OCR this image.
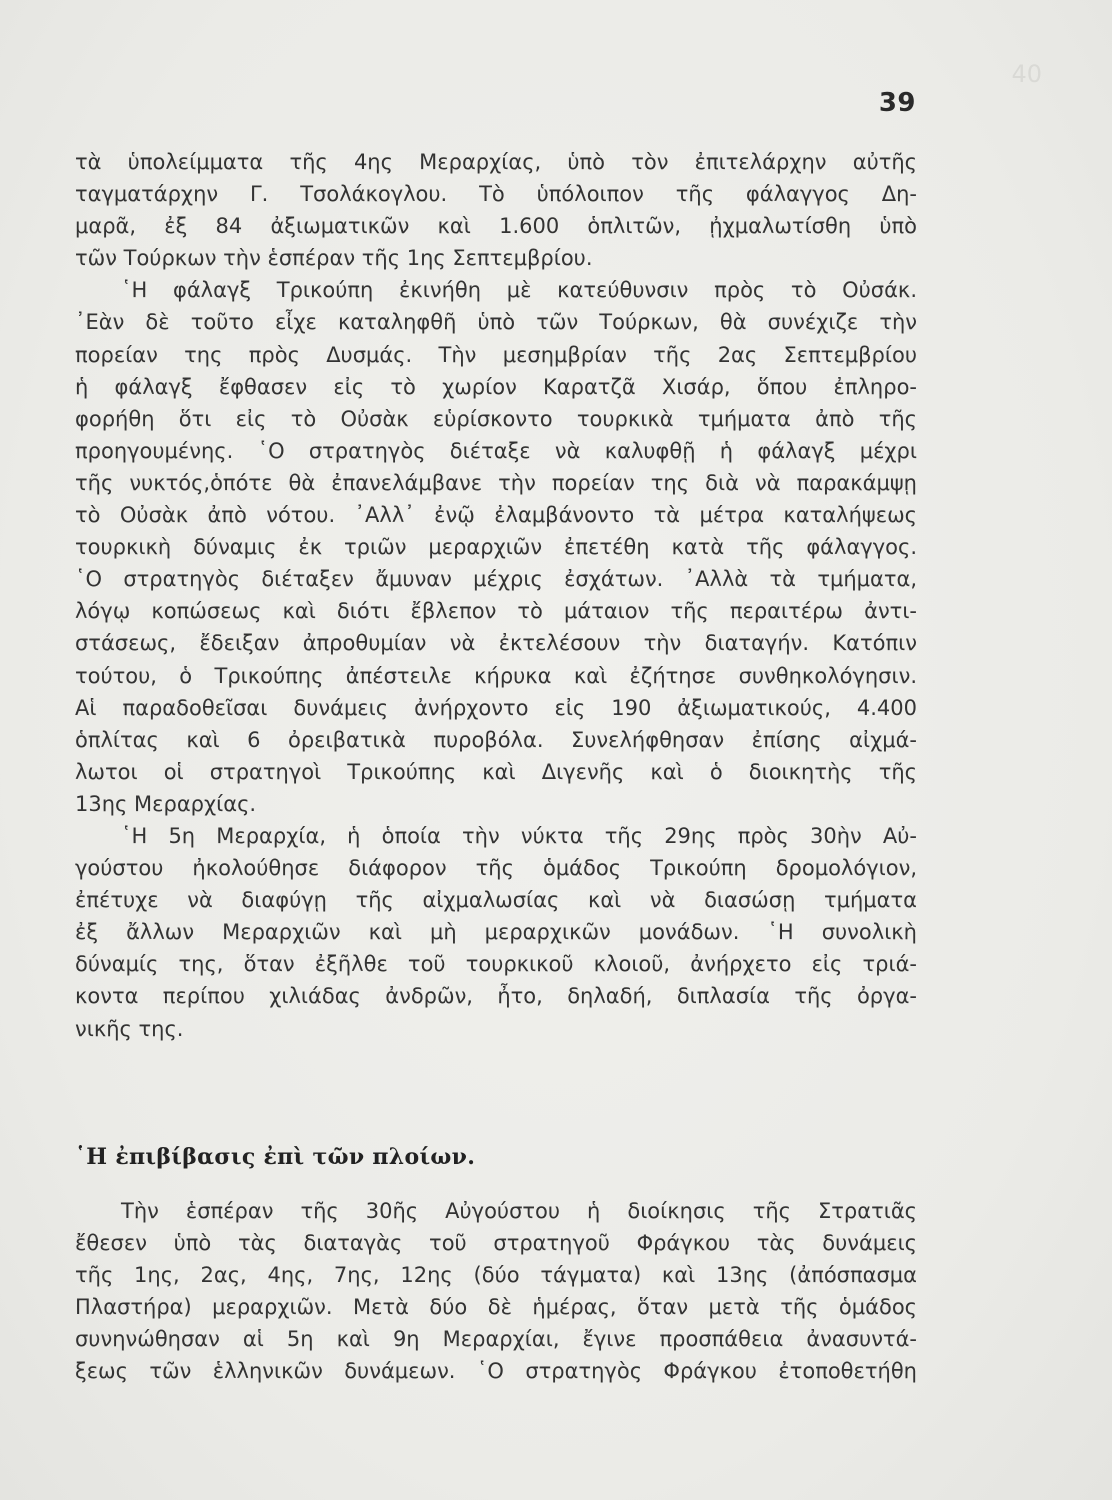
40
39
τὰ ὑπολείμματα τῆς 4ης Μεραρχίας, ὑπὸ τὸν ἐπιτελάρχην αὐτῆς
ταγματάρχην Γ. Τσολάκογλου. Τὸ ὑπόλοιπον τῆς φάλαγγος Δη-
μαρᾶ, ἐξ 84 ἀξιωματικῶν καὶ 1.600 ὁπλιτῶν, ᾐχμαλωτίσθη ὑπὸ
τῶν Τούρκων τὴν ἑσπέραν τῆς 1ης Σεπτεμβρίου.
῾Η φάλαγξ Τρικούπη ἐκινήθη μὲ κατεύθυνσιν πρὸς τὸ Οὐσάκ.
᾿Εὰν δὲ τοῦτο εἶχε καταληφθῆ ὑπὸ τῶν Τούρκων, θὰ συνέχιζε τὴν
πορείαν της πρὸς Δυσμάς. Τὴν μεσημβρίαν τῆς 2ας Σεπτεμβρίου
ἡ φάλαγξ ἔφθασεν εἰς τὸ χωρίον Καρατζᾶ Χισάρ, ὅπου ἐπληρο-
φορήθη ὅτι εἰς τὸ Οὐσὰκ εὑρίσκοντο τουρκικὰ τμήματα ἀπὸ τῆς
προηγουμένης. ῾Ο στρατηγὸς διέταξε νὰ καλυφθῇ ἡ φάλαγξ μέχρι
τῆς νυκτός,ὁπότε θὰ ἐπανελάμβανε τὴν πορείαν της διὰ νὰ παρακάμψῃ
τὸ Οὐσὰκ ἀπὸ νότου. ᾿Αλλ᾿ ἐνῷ ἐλαμβάνοντο τὰ μέτρα καταλήψεως
τουρκικὴ δύναμις ἐκ τριῶν μεραρχιῶν ἐπετέθη κατὰ τῆς φάλαγγος.
῾Ο στρατηγὸς διέταξεν ἄμυναν μέχρις ἐσχάτων. ᾿Αλλὰ τὰ τμήματα,
λόγῳ κοπώσεως καὶ διότι ἔβλεπον τὸ μάταιον τῆς περαιτέρω ἀντι-
στάσεως, ἔδειξαν ἀπροθυμίαν νὰ ἐκτελέσουν τὴν διαταγήν. Κατόπιν
τούτου, ὁ Τρικούπης ἀπέστειλε κήρυκα καὶ ἐζήτησε συνθηκολόγησιν.
Αἱ παραδοθεῖσαι δυνάμεις ἀνήρχοντο εἰς 190 ἀξιωματικούς, 4.400
ὁπλίτας καὶ 6 ὀρειβατικὰ πυροβόλα. Συνελήφθησαν ἐπίσης αἰχμά-
λωτοι οἱ στρατηγοὶ Τρικούπης καὶ Διγενῆς καὶ ὁ διοικητὴς τῆς
13ης Μεραρχίας.
῾Η 5η Μεραρχία, ἡ ὁποία τὴν νύκτα τῆς 29ης πρὸς 30ὴν Αὐ-
γούστου ἠκολούθησε διάφορον τῆς ὁμάδος Τρικούπη δρομολόγιον,
ἐπέτυχε νὰ διαφύγῃ τῆς αἰχμαλωσίας καὶ νὰ διασώσῃ τμήματα
ἐξ ἄλλων Μεραρχιῶν καὶ μὴ μεραρχικῶν μονάδων. ῾Η συνολικὴ
δύναμίς της, ὅταν ἐξῆλθε τοῦ τουρκικοῦ κλοιοῦ, ἀνήρχετο εἰς τριά-
κοντα περίπου χιλιάδας ἀνδρῶν, ἦτο, δηλαδή, διπλασία τῆς ὀργα-
νικῆς της.
῾Η ἐπιβίβασις ἐπὶ τῶν πλοίων.
Τὴν ἑσπέραν τῆς 30ῆς Αὐγούστου ἡ διοίκησις τῆς Στρατιᾶς
ἔθεσεν ὑπὸ τὰς διαταγὰς τοῦ στρατηγοῦ Φράγκου τὰς δυνάμεις
τῆς 1ης, 2ας, 4ης, 7ης, 12ης (δύο τάγματα) καὶ 13ης (ἀπόσπασμα
Πλαστήρα) μεραρχιῶν. Μετὰ δύο δὲ ἡμέρας, ὅταν μετὰ τῆς ὁμάδος
συνηνώθησαν αἱ 5η καὶ 9η Μεραρχίαι, ἔγινε προσπάθεια ἀνασυντά-
ξεως τῶν ἑλληνικῶν δυνάμεων. ῾Ο στρατηγὸς Φράγκου ἐτοποθετήθη
